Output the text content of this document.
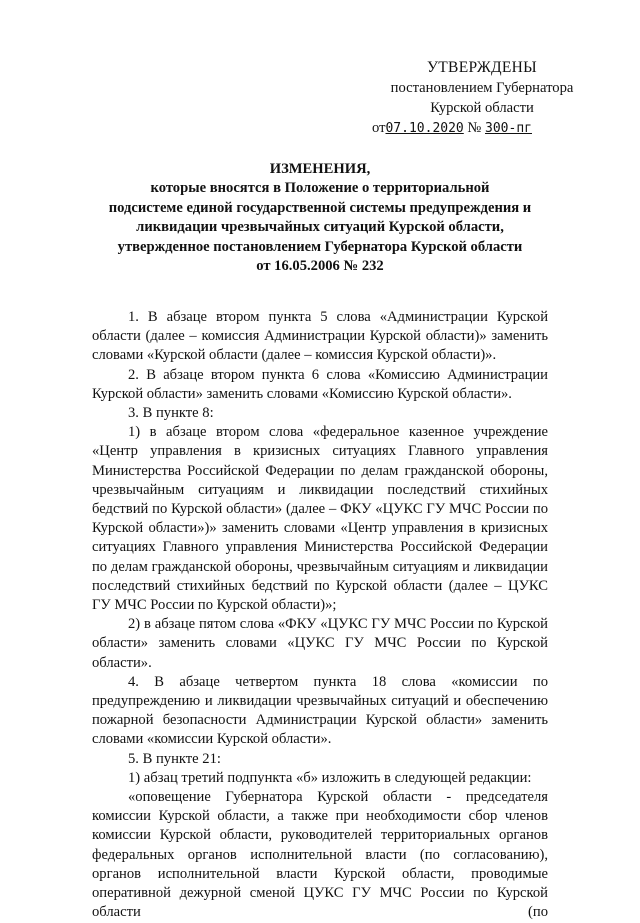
УТВЕРЖДЕНЫ
постановлением Губернатора
Курской области
от07.10.2020 № 300-пг
ИЗМЕНЕНИЯ,
которые вносятся в Положение о территориальной
подсистеме единой государственной системы предупреждения и
ликвидации чрезвычайных ситуаций Курской области,
утвержденное постановлением Губернатора Курской области
от 16.05.2006 № 232

1. В абзаце втором пункта 5 слова «Администрации Курской области (далее – комиссия Администрации Курской области)» заменить словами «Курской области (далее – комиссия Курской области)».

2. В абзаце втором пункта 6 слова «Комиссию Администрации Курской области» заменить словами «Комиссию Курской области».

3. В пункте 8:

1) в абзаце втором слова «федеральное казенное учреждение «Центр управления в кризисных ситуациях Главного управления Министерства Российской Федерации по делам гражданской обороны, чрезвычайным ситуациям и ликвидации последствий стихийных бедствий по Курской области» (далее – ФКУ «ЦУКС ГУ МЧС России по Курской области»)» заменить словами «Центр управления в кризисных ситуациях Главного управления Министерства Российской Федерации по делам гражданской обороны, чрезвычайным ситуациям и ликвидации последствий стихийных бедствий по Курской области (далее – ЦУКС ГУ МЧС России по Курской области)»;

2) в абзаце пятом слова «ФКУ «ЦУКС ГУ МЧС России по Курской области» заменить словами «ЦУКС ГУ МЧС России по Курской области».

4. В абзаце четвертом пункта 18 слова «комиссии по предупреждению и ликвидации чрезвычайных ситуаций и обеспечению пожарной безопасности Администрации Курской области» заменить словами «комиссии Курской области».

5. В пункте 21:

1) абзац третий подпункта «б» изложить в следующей редакции:

«оповещение Губернатора Курской области - председателя комиссии Курской области, а также при необходимости сбор членов комиссии Курской области, руководителей территориальных органов федеральных органов исполнительной власти (по согласованию), органов исполнительной власти Курской области, проводимые оперативной дежурной сменой ЦУКС ГУ МЧС России по Курской области (по
